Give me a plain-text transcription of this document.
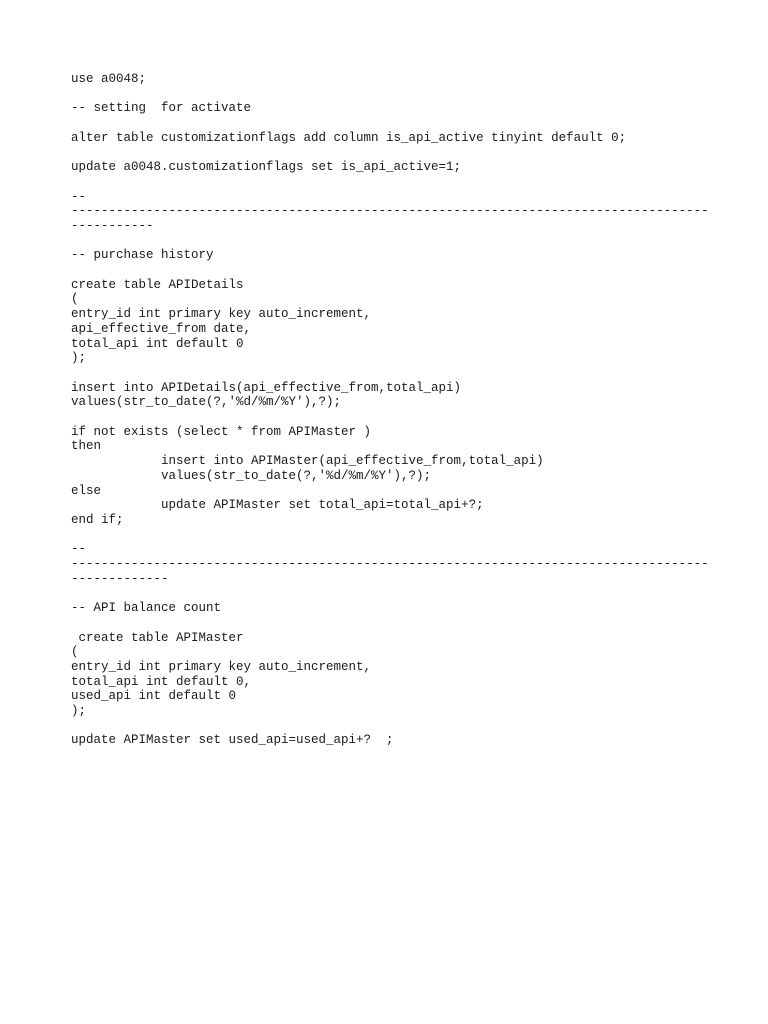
use a0048;
-- setting  for activate
alter table customizationflags add column is_api_active tinyint default 0;
update a0048.customizationflags set is_api_active=1;
--
-------------------------------------------------------------------------------------
-----------
-- purchase history
create table APIDetails
(
entry_id int primary key auto_increment,
api_effective_from date,
total_api int default 0
);
insert into APIDetails(api_effective_from,total_api)
values(str_to_date(?,'%d/%m/%Y'),?);
if not exists (select * from APIMaster )
then
insert into APIMaster(api_effective_from,total_api)
values(str_to_date(?,'%d/%m/%Y'),?);
else
update APIMaster set total_api=total_api+?;
end if;
--
-------------------------------------------------------------------------------------
-------------
-- API balance count
create table APIMaster
(
entry_id int primary key auto_increment,
total_api int default 0,
used_api int default 0
);
update APIMaster set used_api=used_api+?  ;
